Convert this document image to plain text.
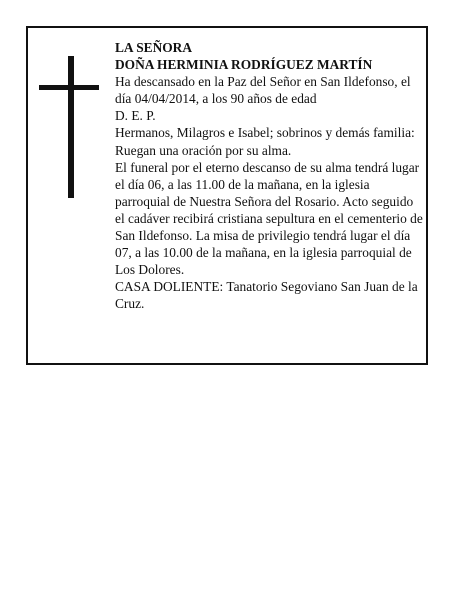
LA SEÑORA

DOÑA HERMINIA RODRÍGUEZ MARTÍN

Ha descansado en la Paz del Señor en San Ildefonso, el día 04/04/2014, a los 90 años de edad

D. E. P.

Hermanos, Milagros e Isabel; sobrinos y demás familia: Ruegan una oración por su alma.

El funeral por el eterno descanso de su alma tendrá lugar el día 06, a las 11.00 de la mañana, en la iglesia parroquial de Nuestra Señora del Rosario. Acto seguido el cadáver recibirá cristiana sepultura en el cementerio de San Ildefonso. La misa de privilegio tendrá lugar el día 07, a las 10.00 de la mañana, en la iglesia parroquial de Los Dolores.

CASA DOLIENTE: Tanatorio Segoviano San Juan de la Cruz.
